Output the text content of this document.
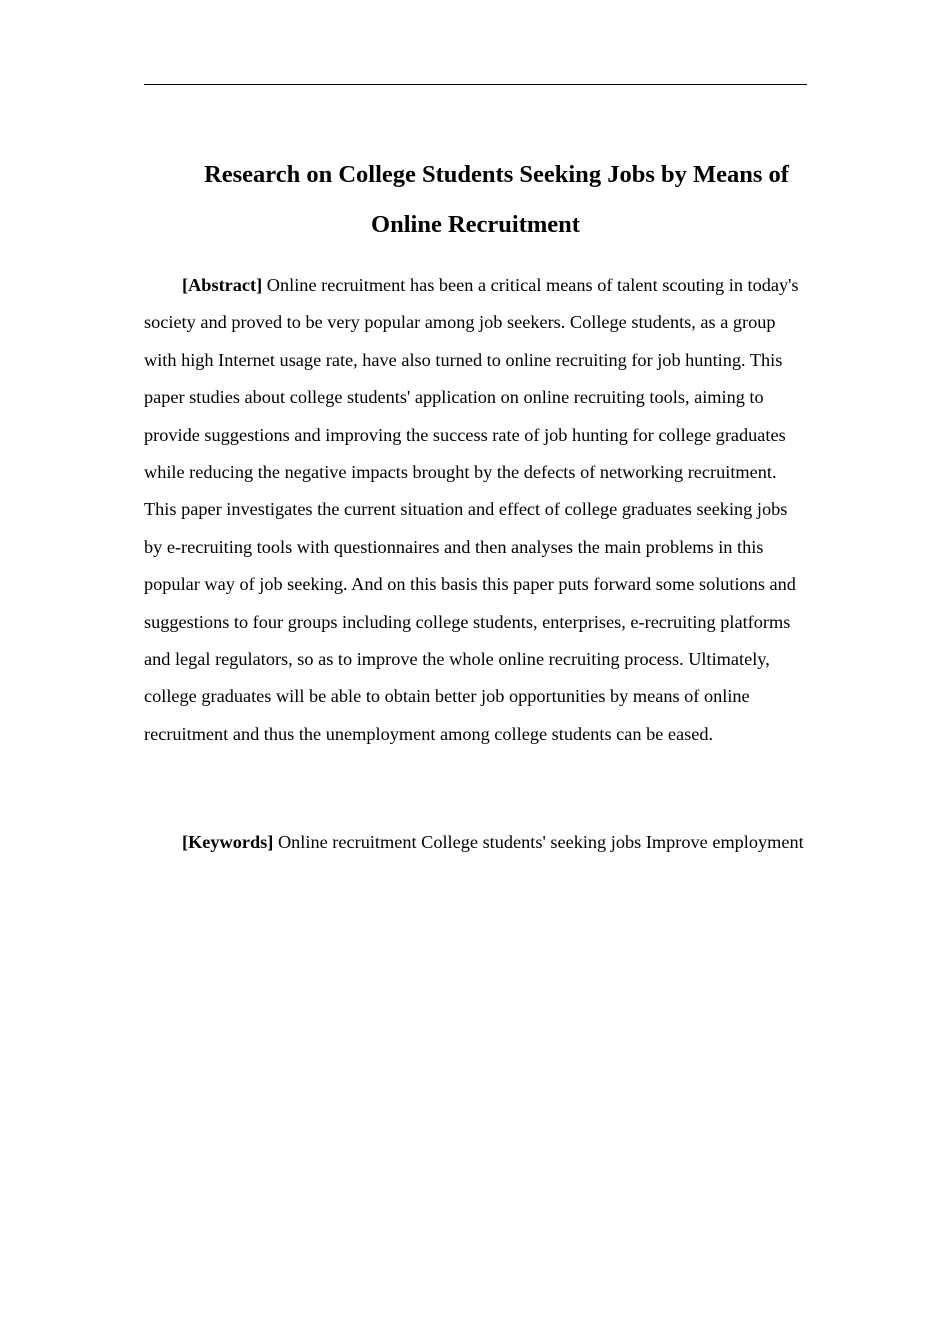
Research on College Students Seeking Jobs by Means of
Online Recruitment

[Abstract] Online recruitment has been a critical means of talent scouting in today's society and proved to be very popular among job seekers. College students, as a group with high Internet usage rate, have also turned to online recruiting for job hunting. This paper studies about college students' application on online recruiting tools, aiming to provide suggestions and improving the success rate of job hunting for college graduates while reducing the negative impacts brought by the defects of networking recruitment. This paper investigates the current situation and effect of college graduates seeking jobs by e-recruiting tools with questionnaires and then analyses the main problems in this popular way of job seeking. And on this basis this paper puts forward some solutions and suggestions to four groups including college students, enterprises, e-recruiting platforms and legal regulators, so as to improve the whole online recruiting process. Ultimately, college graduates will be able to obtain better job opportunities by means of online recruitment and thus the unemployment among college students can be eased.

[Keywords] Online recruitment College students' seeking jobs Improve employment
